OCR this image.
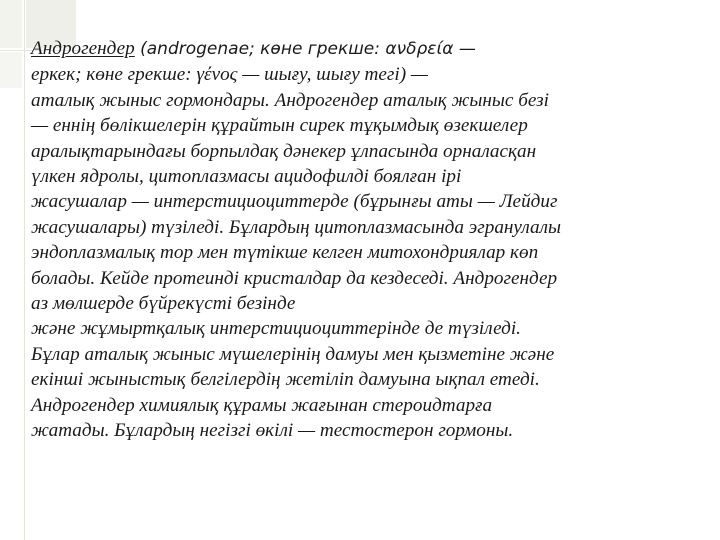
Андрогендер (androgenae; көне грекше: ανδρεία —
еркек; көне грекше: γένος — шығу, шығу тегі) —
аталық жыныс гормондары. Андрогендер аталық жыныс безі
— еннің бөлікшелерін құрайтын сирек тұқымдық өзекшелер
аралықтарындағы борпылдақ дәнекер ұлпасында орналасқан
үлкен ядролы, цитоплазмасы ацидофилді боялған ірі
жасушалар — интерстициоциттерде (бұрынғы аты — Лейдиг
жасушалары) түзіледі. Бұлардың цитоплазмасында эгранулалы
эндоплазмалық тор мен түтікше келген митохондриялар көп
болады. Кейде протеинді кристалдар да кездеседі. Андрогендер
аз мөлшерде бүйрекүсті безінде
және жұмыртқалық интерстициоциттерінде де түзіледі.
Бұлар аталық жыныс мүшелерінің дамуы мен қызметіне және
екінші жыныстық белгілердің жетіліп дамуына ықпал етеді.
Андрогендер химиялық құрамы жағынан стероидтарға
жатады. Бұлардың негізгі өкілі — тестостерон гормоны.
